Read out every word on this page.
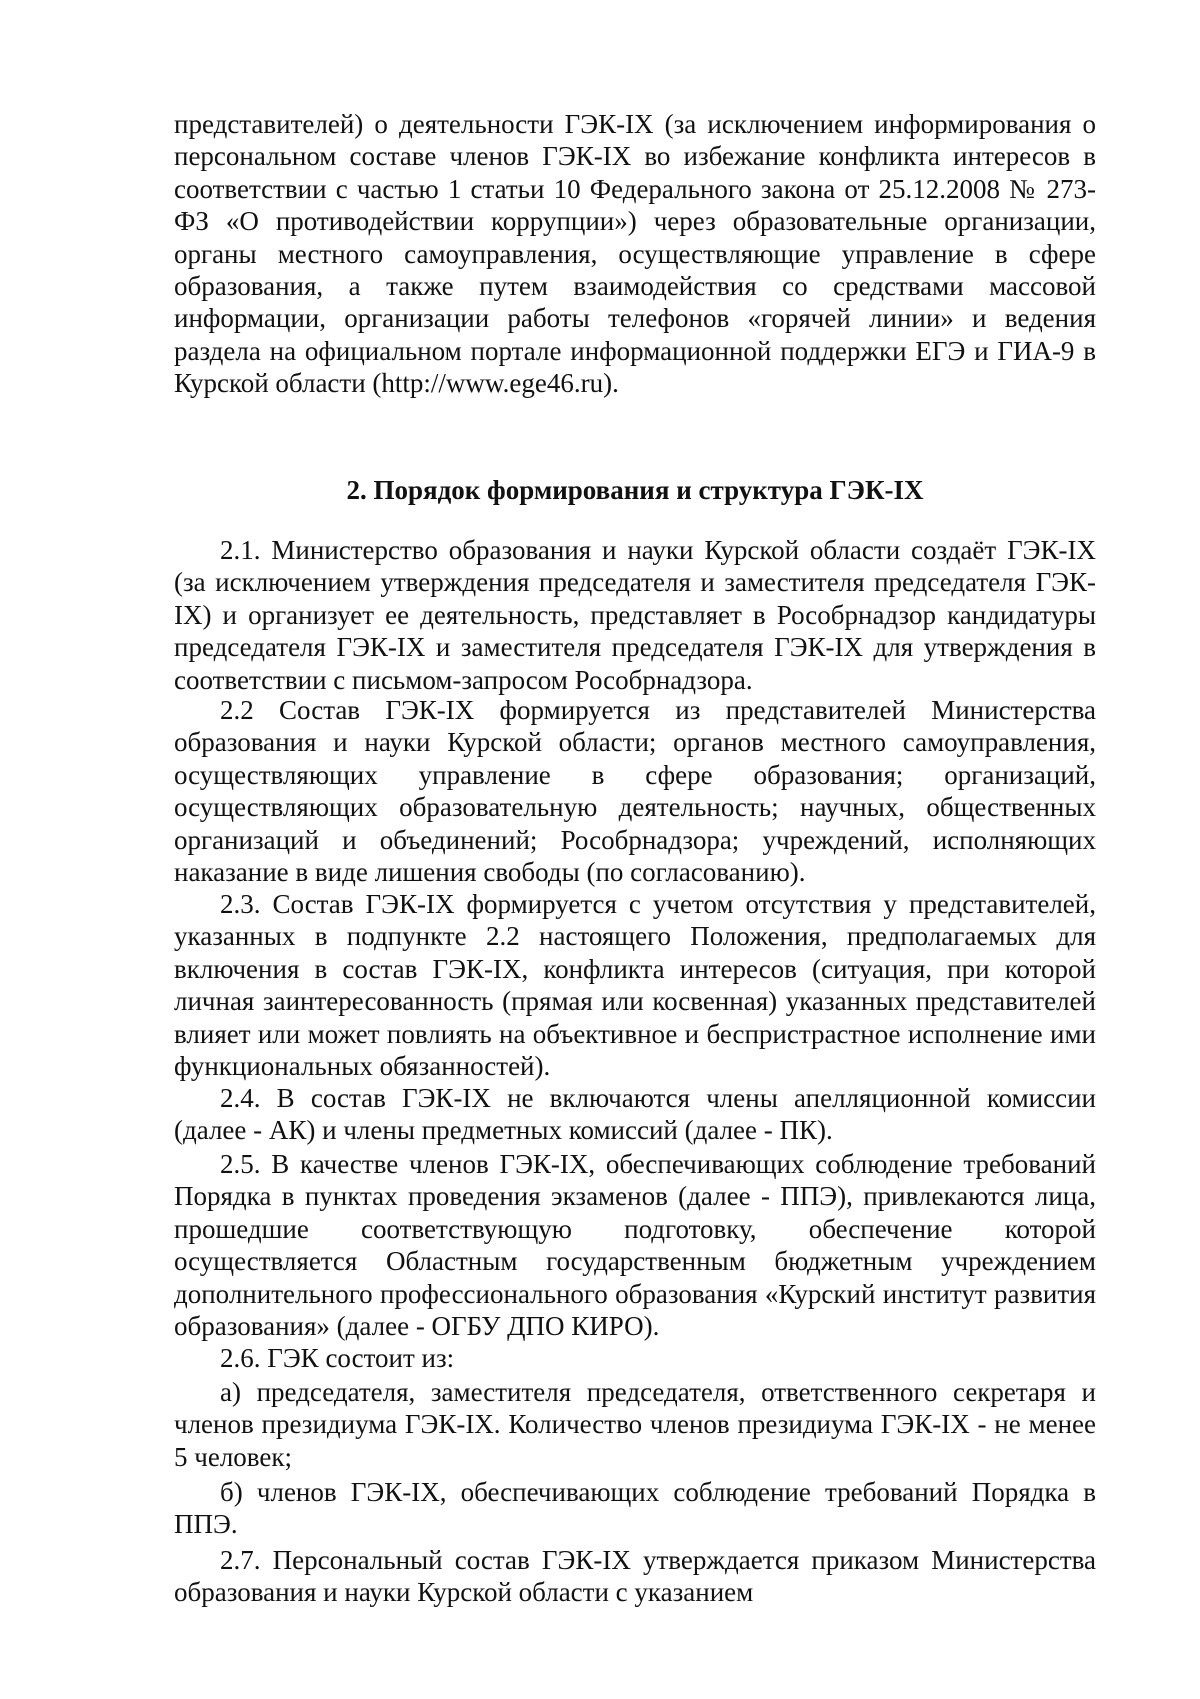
представителей) о деятельности ГЭК-IX (за исключением информирования о персональном составе членов ГЭК-IX во избежание конфликта интересов в соответствии с частью 1 статьи 10 Федерального закона от 25.12.2008 № 273-ФЗ «О противодействии коррупции») через образовательные организации, органы местного самоуправления, осуществляющие управление в сфере образования, а также путем взаимодействия со средствами массовой информации, организации работы телефонов «горячей линии» и ведения раздела на официальном портале информационной поддержки ЕГЭ и ГИА-9 в Курской области (http://www.ege46.ru).

2. Порядок формирования и структура ГЭК-IX

2.1. Министерство образования и науки Курской области создаёт ГЭК-IX (за исключением утверждения председателя и заместителя председателя ГЭК-IX) и организует ее деятельность, представляет в Рособрнадзор кандидатуры председателя ГЭК-IX и заместителя председателя ГЭК-IX для утверждения в соответствии с письмом-запросом Рособрнадзора.

2.2 Состав ГЭК-IX формируется из представителей Министерства образования и науки Курской области; органов местного самоуправления, осуществляющих управление в сфере образования; организаций, осуществляющих образовательную деятельность; научных, общественных организаций и объединений; Рособрнадзора; учреждений, исполняющих наказание в виде лишения свободы (по согласованию).

2.3. Состав ГЭК-IX формируется с учетом отсутствия у представителей, указанных в подпункте 2.2 настоящего Положения, предполагаемых для включения в состав ГЭК-IX, конфликта интересов (ситуация, при которой личная заинтересованность (прямая или косвенная) указанных представителей влияет или может повлиять на объективное и беспристрастное исполнение ими функциональных обязанностей).

2.4. В состав ГЭК-IX не включаются члены апелляционной комиссии (далее - АК) и члены предметных комиссий (далее - ПК).

2.5. В качестве членов ГЭК-IX, обеспечивающих соблюдение требований Порядка в пунктах проведения экзаменов (далее - ППЭ), привлекаются лица, прошедшие соответствующую подготовку, обеспечение которой осуществляется Областным государственным бюджетным учреждением дополнительного профессионального образования «Курский институт развития образования» (далее - ОГБУ ДПО КИРО).

2.6. ГЭК состоит из:

а) председателя, заместителя председателя, ответственного секретаря и членов президиума ГЭК-IX. Количество членов президиума ГЭК-IX - не менее 5 человек;

б) членов ГЭК-IX, обеспечивающих соблюдение требований Порядка в ППЭ.

2.7. Персональный состав ГЭК-IX утверждается приказом Министерства образования и науки Курской области с указанием
